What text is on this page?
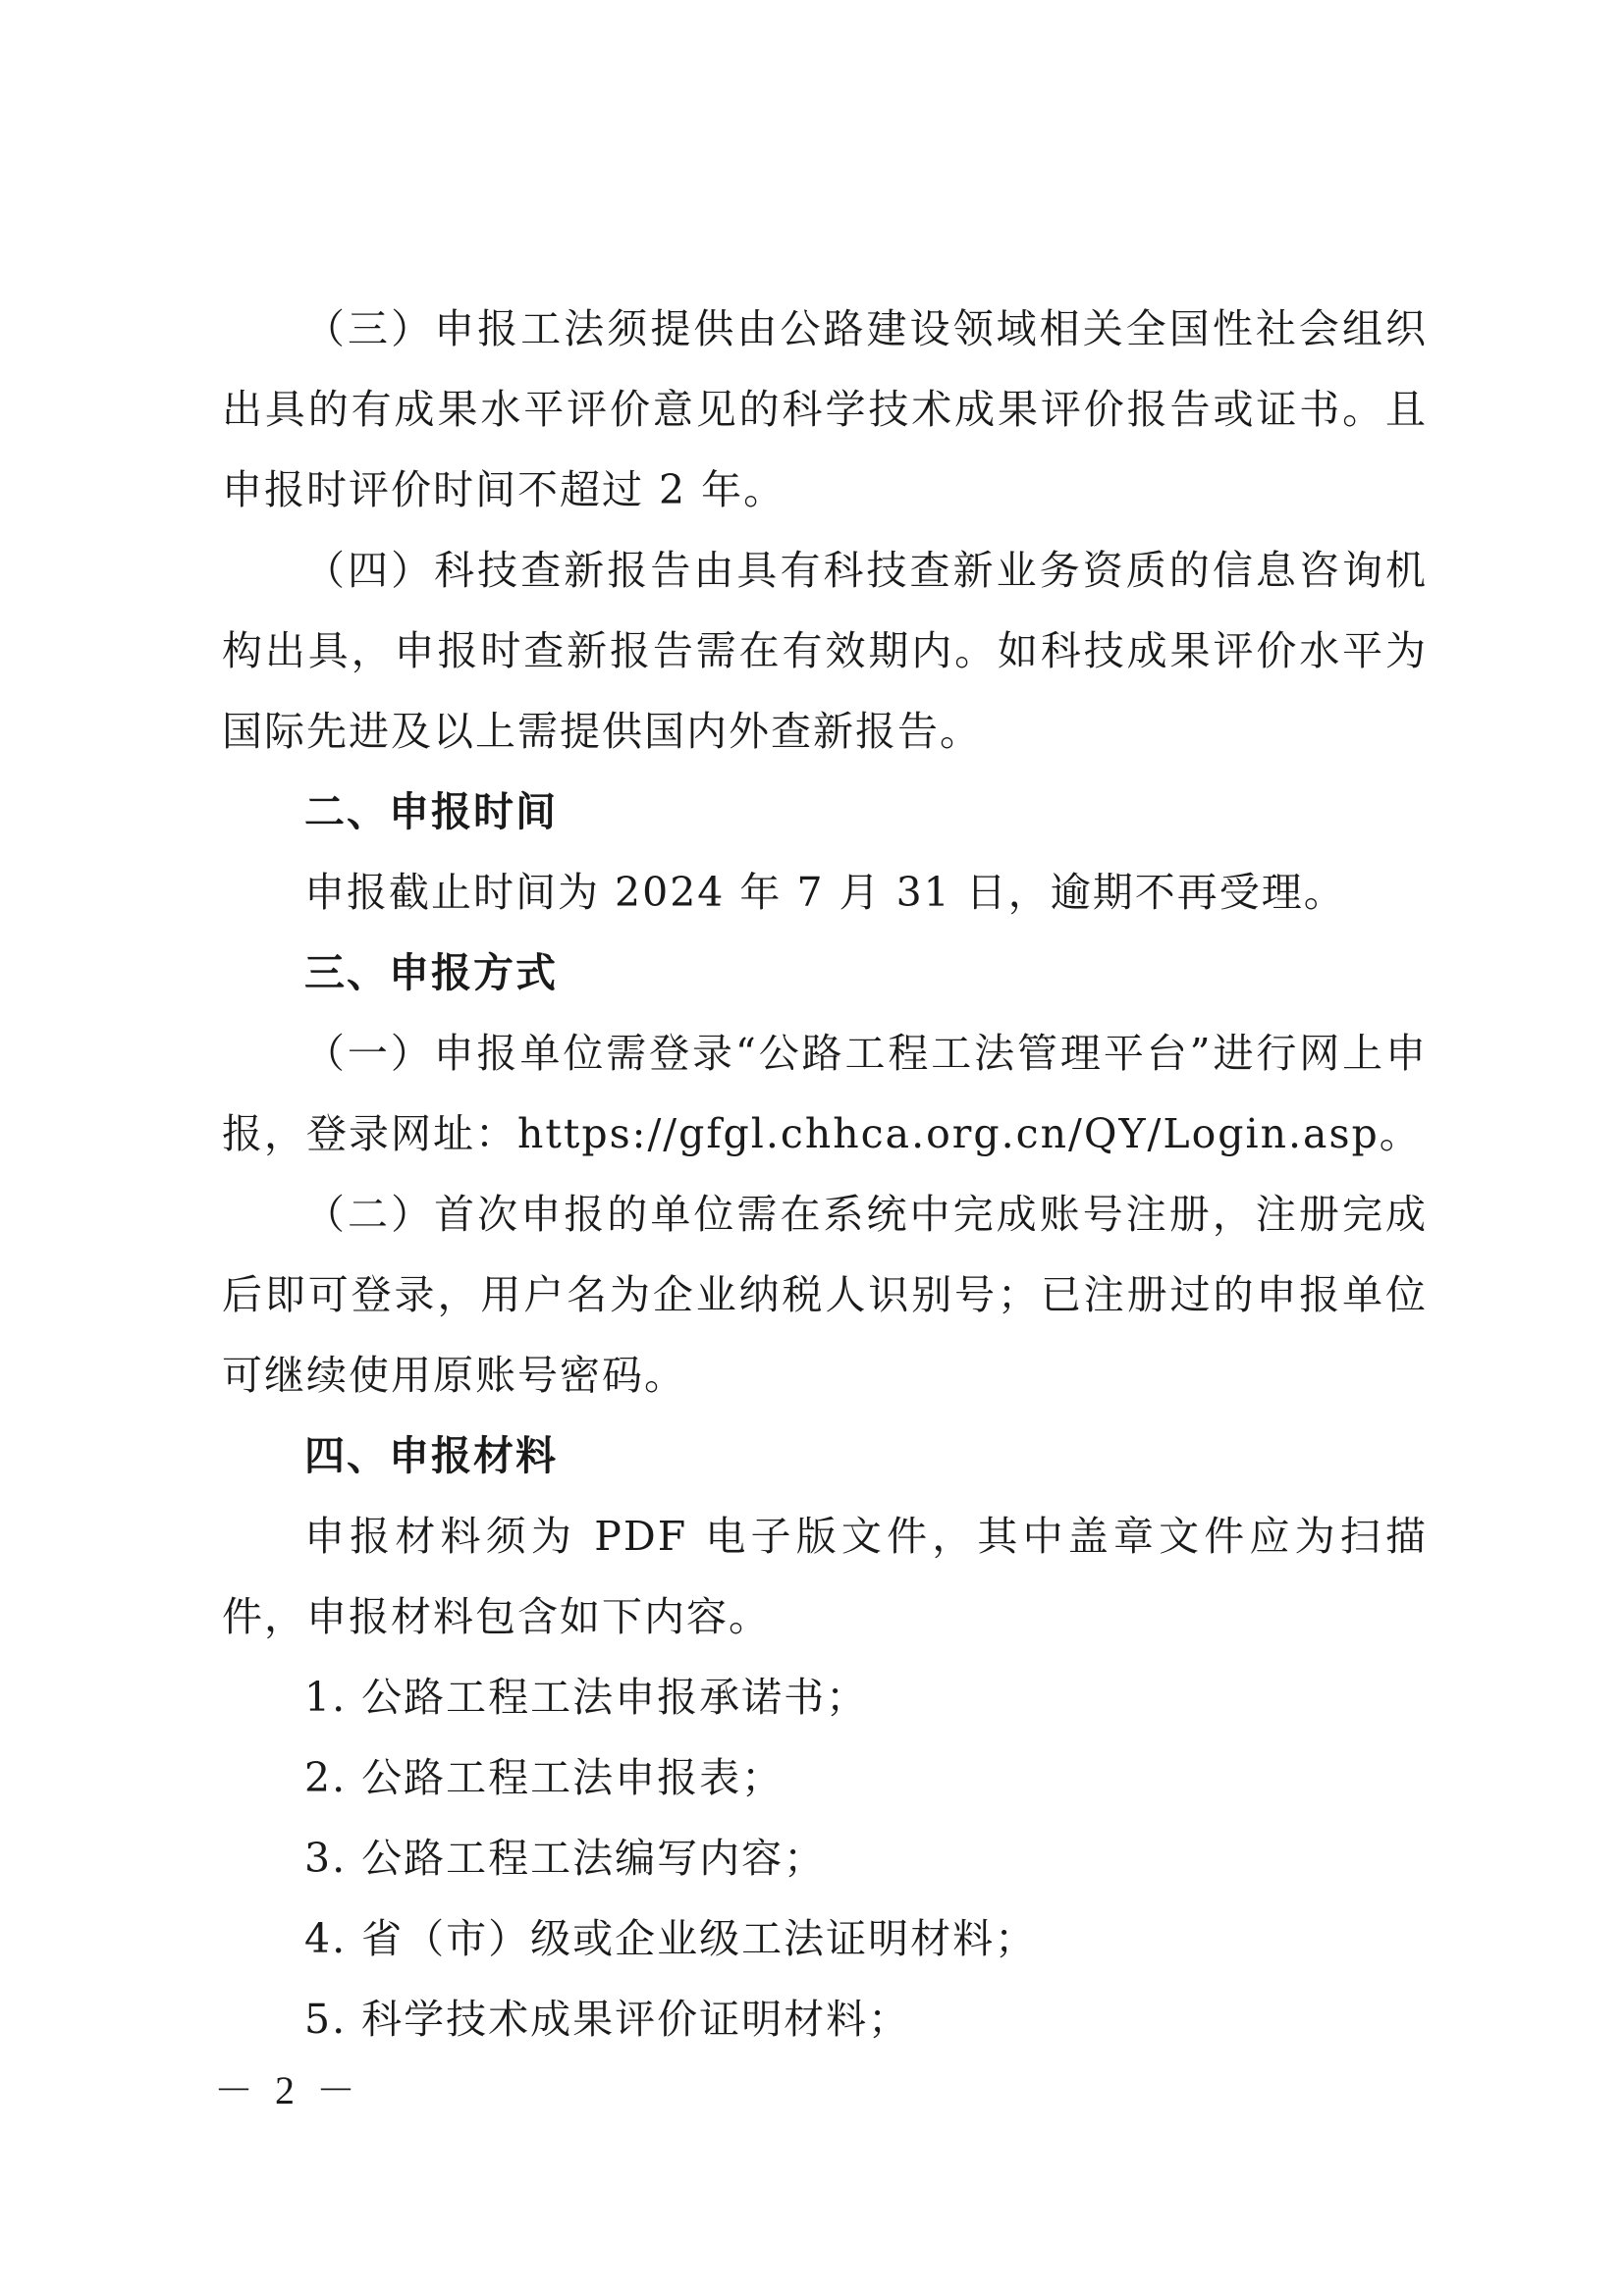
（三）申报工法须提供由公路建设领域相关全国性社会组织出具的有成果水平评价意见的科学技术成果评价报告或证书。且申报时评价时间不超过 2 年。

（四）科技查新报告由具有科技查新业务资质的信息咨询机构出具，申报时查新报告需在有效期内。如科技成果评价水平为国际先进及以上需提供国内外查新报告。

二、申报时间

申报截止时间为 2024 年 7 月 31 日，逾期不再受理。

三、申报方式

（一）申报单位需登录“公路工程工法管理平台”进行网上申报，登录网址：https://gfgl.chhca.org.cn/QY/Login.asp。

（二）首次申报的单位需在系统中完成账号注册，注册完成后即可登录，用户名为企业纳税人识别号；已注册过的申报单位可继续使用原账号密码。

四、申报材料

申报材料须为 PDF 电子版文件，其中盖章文件应为扫描件，申报材料包含如下内容。

1. 公路工程工法申报承诺书；

2. 公路工程工法申报表；

3. 公路工程工法编写内容；

4. 省（市）级或企业级工法证明材料；

5. 科学技术成果评价证明材料；

－ 2 －
